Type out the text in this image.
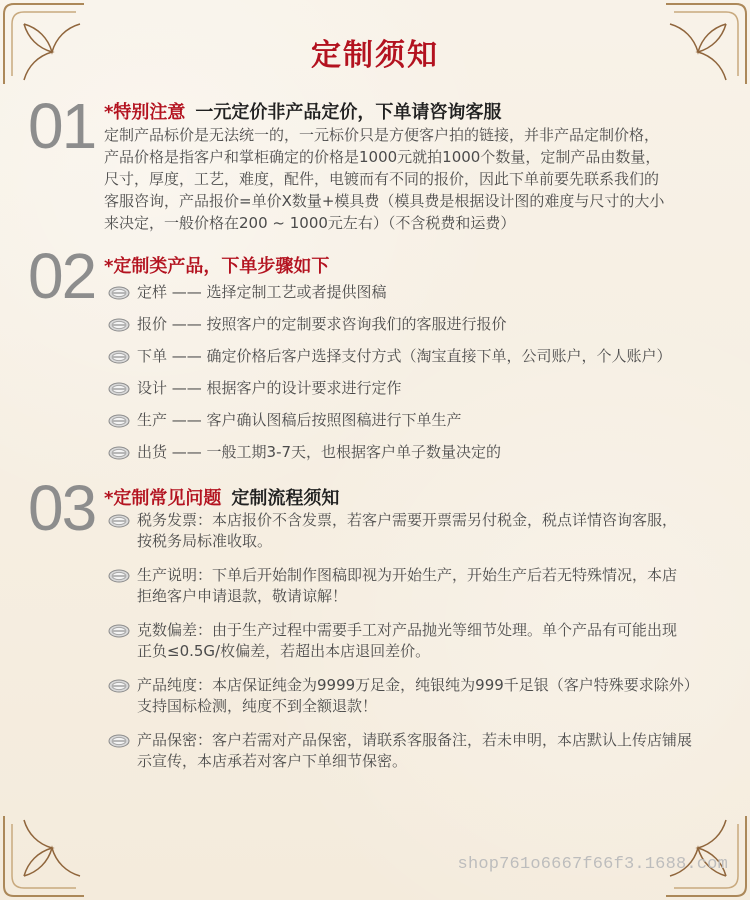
定制须知
01 *特别注意 一元定价非产品定价，下单请咨询客服
定制产品标价是无法统一的，一元标价只是方便客户拍的链接，并非产品定制价格，
产品价格是指客户和掌柜确定的价格是1000元就拍1000个数量，定制产品由数量，
尺寸，厚度，工艺，难度，配件，电镀而有不同的报价，因此下单前要先联系我们的
客服咨询，产品报价=单价X数量+模具费（模具费是根据设计图的难度与尺寸的大小
来决定，一般价格在200 ~ 1000元左右）（不含税费和运费）
02 *定制类产品，下单步骤如下
定样 —— 选择定制工艺或者提供图稿
报价 —— 按照客户的定制要求咨询我们的客服进行报价
下单 —— 确定价格后客户选择支付方式（淘宝直接下单，公司账户，个人账户）
设计 —— 根据客户的设计要求进行定作
生产 —— 客户确认图稿后按照图稿进行下单生产
出货 —— 一般工期3-7天，也根据客户单子数量决定的
03 *定制常见问题 定制流程须知
税务发票：本店报价不含发票，若客户需要开票需另付税金，税点详情咨询客服，
按税务局标准收取。
生产说明：下单后开始制作图稿即视为开始生产，开始生产后若无特殊情况，本店
拒绝客户申请退款，敬请谅解！
克数偏差：由于生产过程中需要手工对产品抛光等细节处理。单个产品有可能出现
正负≤0.5G/枚偏差，若超出本店退回差价。
产品纯度：本店保证纯金为9999万足金，纯银纯为999千足银（客户特殊要求除外）
支持国标检测，纯度不到全额退款！
产品保密：客户若需对产品保密，请联系客服备注，若未申明，本店默认上传店铺展
示宣传，本店承若对客户下单细节保密。
shop761o6667f66f3.1688.com
